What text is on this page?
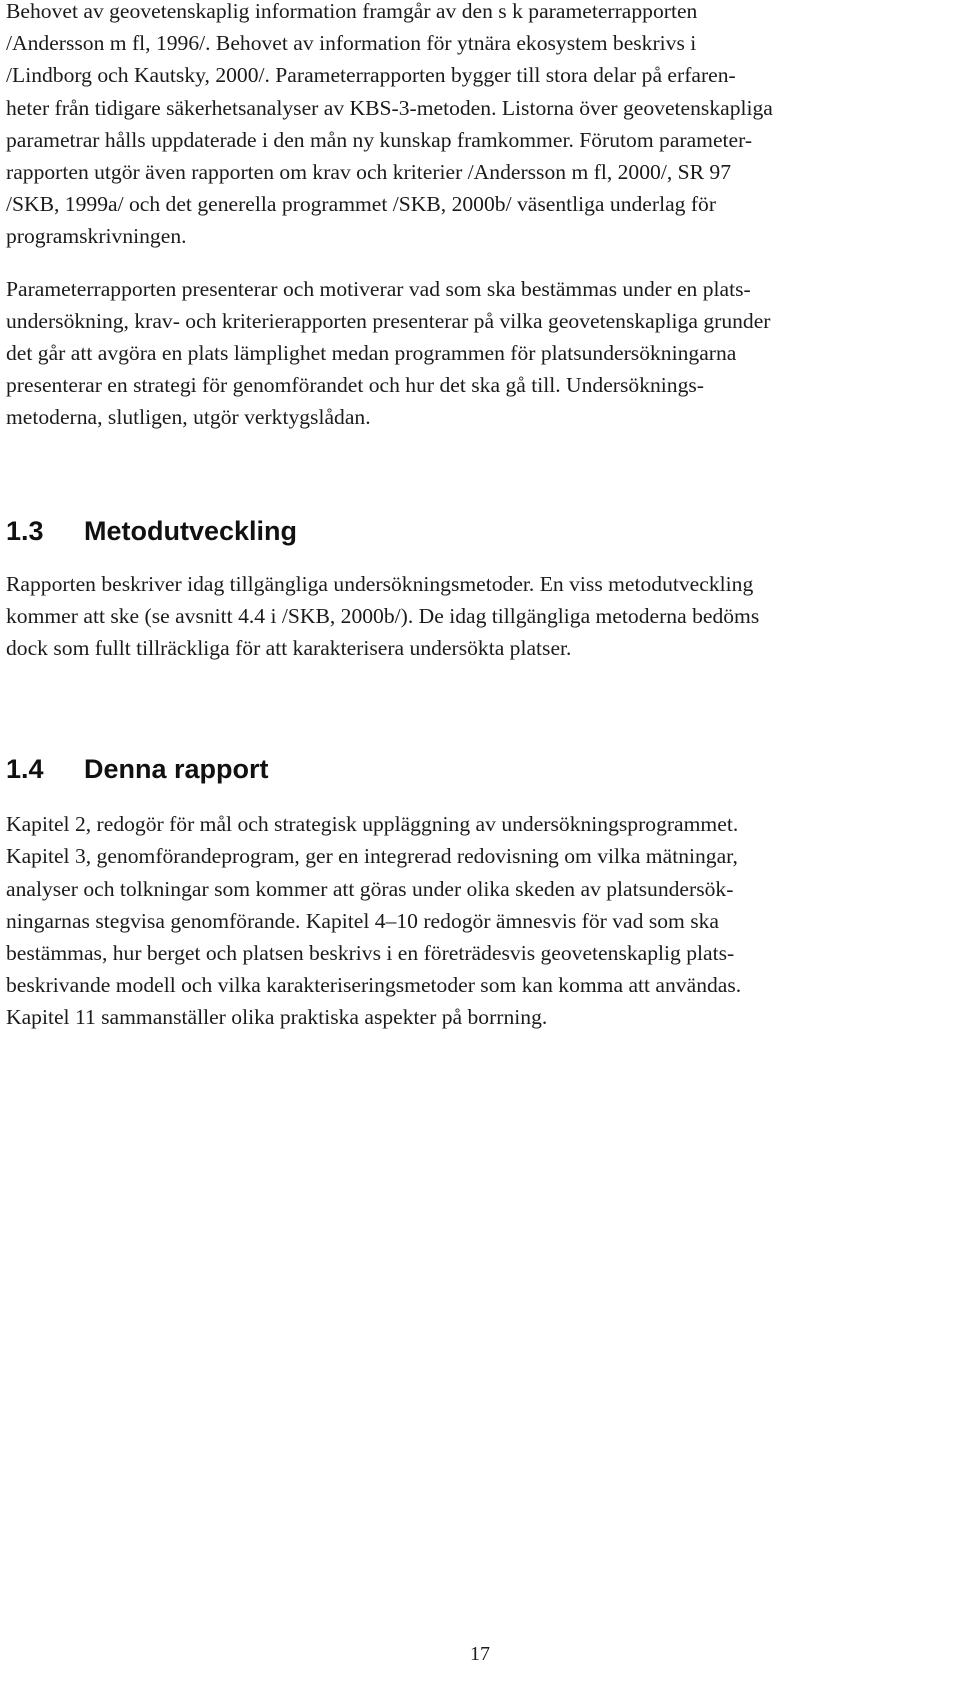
Behovet av geovetenskaplig information framgår av den s k parameterrapporten
/Andersson m fl, 1996/. Behovet av information för ytnära ekosystem beskrivs i
/Lindborg och Kautsky, 2000/. Parameterrapporten bygger till stora delar på erfaren-
heter från tidigare säkerhetsanalyser av KBS-3-metoden. Listorna över geovetenskapliga
parametrar hålls uppdaterade i den mån ny kunskap framkommer. Förutom parameter-
rapporten utgör även rapporten om krav och kriterier /Andersson m fl, 2000/, SR 97
/SKB, 1999a/ och det generella programmet /SKB, 2000b/ väsentliga underlag för
programskrivningen.

Parameterrapporten presenterar och motiverar vad som ska bestämmas under en plats-
undersökning, krav- och kriterierapporten presenterar på vilka geovetenskapliga grunder
det går att avgöra en plats lämplighet medan programmen för platsundersökningarna
presenterar en strategi för genomförandet och hur det ska gå till. Undersöknings-
metoderna, slutligen, utgör verktygslådan.

1.3	Metodutveckling

Rapporten beskriver idag tillgängliga undersökningsmetoder. En viss metodutveckling
kommer att ske (se avsnitt 4.4 i /SKB, 2000b/). De idag tillgängliga metoderna bedöms
dock som fullt tillräckliga för att karakterisera undersökta platser.

1.4	Denna rapport

Kapitel 2, redogör för mål och strategisk uppläggning av undersökningsprogrammet.
Kapitel 3, genomförandeprogram, ger en integrerad redovisning om vilka mätningar,
analyser och tolkningar som kommer att göras under olika skeden av platsundersök-
ningarnas stegvisa genomförande. Kapitel 4–10 redogör ämnesvis för vad som ska
bestämmas, hur berget och platsen beskrivs i en företrädesvis geovetenskaplig plats-
beskrivande modell och vilka karakteriseringsmetoder som kan komma att användas.
Kapitel 11 sammanställer olika praktiska aspekter på borrning.

17
